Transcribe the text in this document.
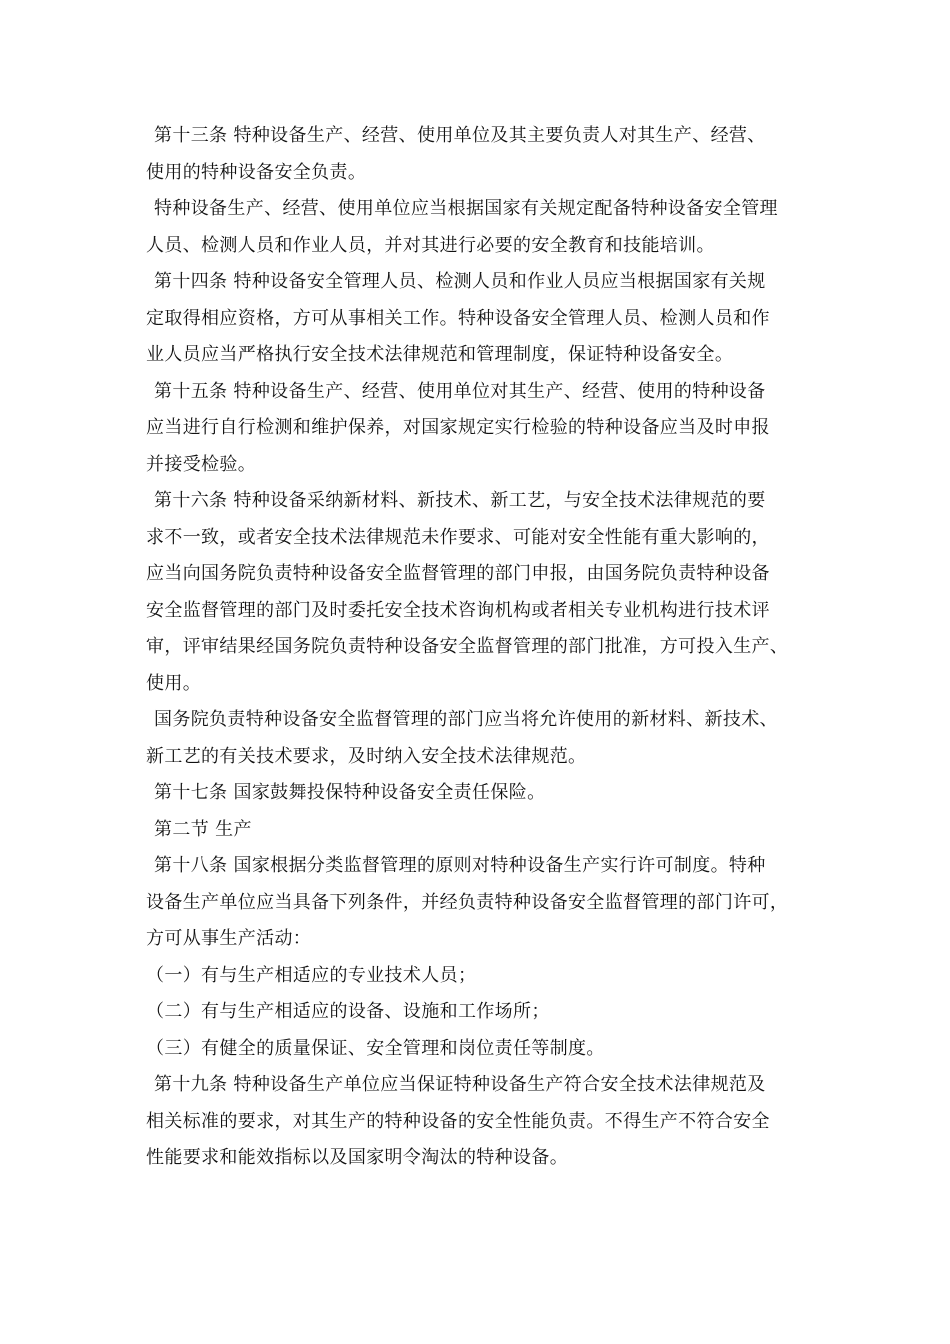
第十三条 特种设备生产、经营、使用单位及其主要负责人对其生产、经营、
使用的特种设备安全负责。
特种设备生产、经营、使用单位应当根据国家有关规定配备特种设备安全管理
人员、检测人员和作业人员，并对其进行必要的安全教育和技能培训。
第十四条 特种设备安全管理人员、检测人员和作业人员应当根据国家有关规
定取得相应资格，方可从事相关工作。特种设备安全管理人员、检测人员和作
业人员应当严格执行安全技术法律规范和管理制度，保证特种设备安全。
第十五条 特种设备生产、经营、使用单位对其生产、经营、使用的特种设备
应当进行自行检测和维护保养，对国家规定实行检验的特种设备应当及时申报
并接受检验。
第十六条 特种设备采纳新材料、新技术、新工艺，与安全技术法律规范的要
求不一致，或者安全技术法律规范未作要求、可能对安全性能有重大影响的，
应当向国务院负责特种设备安全监督管理的部门申报，由国务院负责特种设备
安全监督管理的部门及时委托安全技术咨询机构或者相关专业机构进行技术评
审，评审结果经国务院负责特种设备安全监督管理的部门批准，方可投入生产、
使用。
国务院负责特种设备安全监督管理的部门应当将允许使用的新材料、新技术、
新工艺的有关技术要求，及时纳入安全技术法律规范。
第十七条 国家鼓舞投保特种设备安全责任保险。
第二节 生产
第十八条 国家根据分类监督管理的原则对特种设备生产实行许可制度。特种
设备生产单位应当具备下列条件，并经负责特种设备安全监督管理的部门许可，
方可从事生产活动：
（一）有与生产相适应的专业技术人员；
（二）有与生产相适应的设备、设施和工作场所；
（三）有健全的质量保证、安全管理和岗位责任等制度。
第十九条 特种设备生产单位应当保证特种设备生产符合安全技术法律规范及
相关标准的要求，对其生产的特种设备的安全性能负责。不得生产不符合安全
性能要求和能效指标以及国家明令淘汰的特种设备。
